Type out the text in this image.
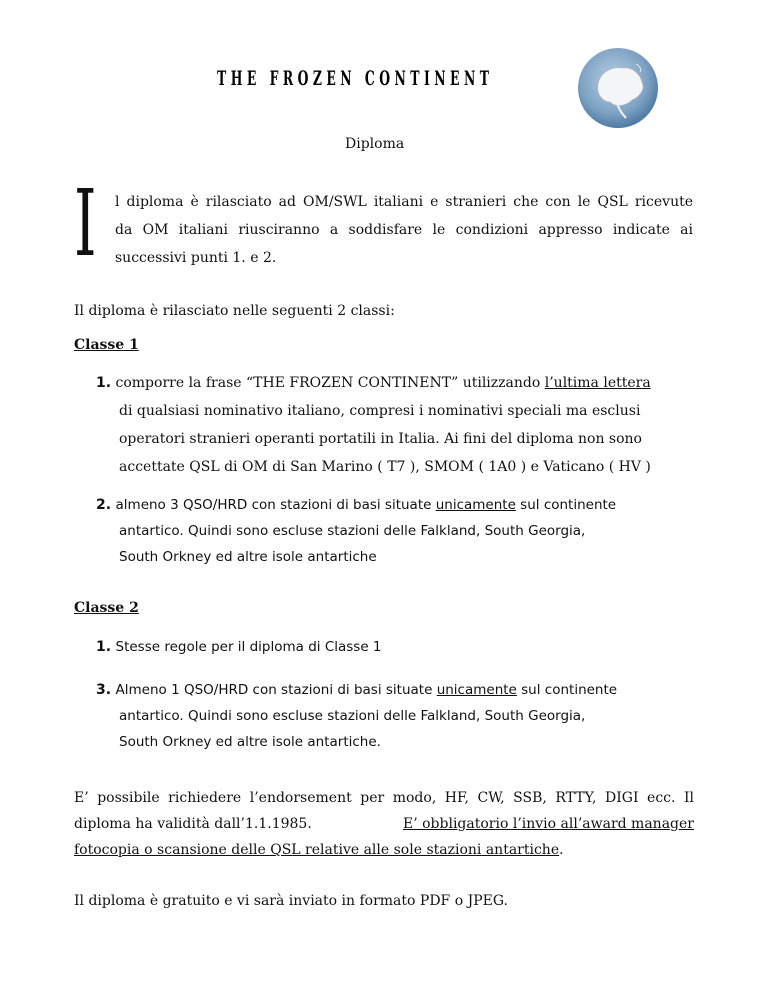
THE FROZEN CONTINENT
Diploma
I l diploma è rilasciato ad OM/SWL italiani e stranieri che con le QSL ricevute
da OM italiani riusciranno a soddisfare le condizioni appresso indicate ai
successivi punti 1. e 2.
Il diploma è rilasciato nelle seguenti 2 classi:
Classe 1
1. comporre la frase “THE FROZEN CONTINENT” utilizzando l’ultima lettera
di qualsiasi nominativo italiano, compresi i nominativi speciali ma esclusi
operatori stranieri operanti portatili in Italia. Ai fini del diploma non sono
accettate QSL di OM di San Marino ( T7 ), SMOM ( 1A0 ) e Vaticano ( HV )
2. almeno 3 QSO/HRD con stazioni di basi situate unicamente sul continente
antartico. Quindi sono escluse stazioni delle Falkland, South Georgia,
South Orkney ed altre isole antartiche
Classe 2
1. Stesse regole per il diploma di Classe 1
3. Almeno 1 QSO/HRD con stazioni di basi situate unicamente sul continente
antartico. Quindi sono escluse stazioni delle Falkland, South Georgia,
South Orkney ed altre isole antartiche.
E’ possibile richiedere l’endorsement per modo, HF, CW, SSB, RTTY, DIGI ecc. Il
diploma ha validità dall’1.1.1985.	E’ obbligatorio l’invio all’award manager
fotocopia o scansione delle QSL relative alle sole stazioni antartiche.
Il diploma è gratuito e vi sarà inviato in formato PDF o JPEG.
